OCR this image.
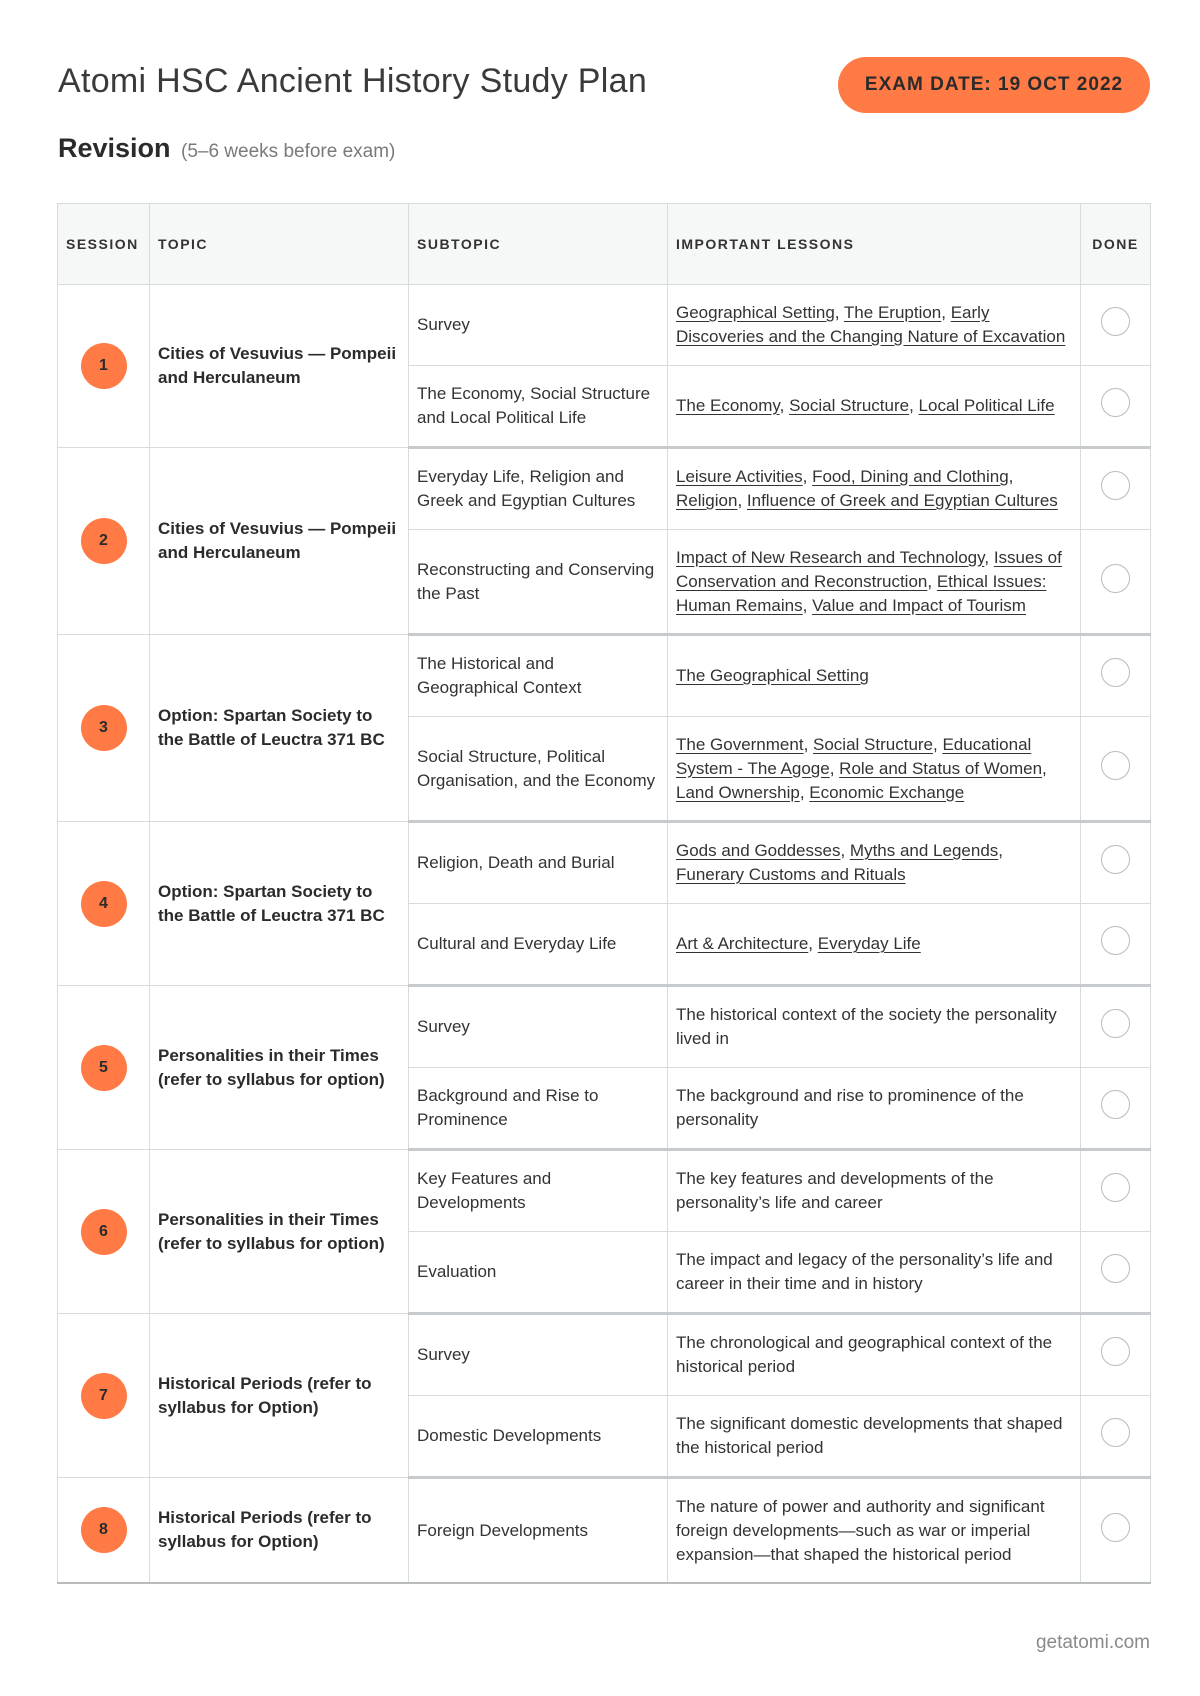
Atomi HSC Ancient History Study Plan	EXAM DATE: 19 OCT 2022
Revision (5–6 weeks before exam)
SESSION	TOPIC	SUBTOPIC	IMPORTANT LESSONS	DONE
1	Cities of Vesuvius — Pompeii and Herculaneum	Survey	Geographical Setting, The Eruption, Early Discoveries and the Changing Nature of Excavation	
		The Economy, Social Structure and Local Political Life	The Economy, Social Structure, Local Political Life	
2	Cities of Vesuvius — Pompeii and Herculaneum	Everyday Life, Religion and Greek and Egyptian Cultures	Leisure Activities, Food, Dining and Clothing, Religion, Influence of Greek and Egyptian Cultures	
		Reconstructing and Conserving the Past	Impact of New Research and Technology, Issues of Conservation and Reconstruction, Ethical Issues: Human Remains, Value and Impact of Tourism	
3	Option: Spartan Society to the Battle of Leuctra 371 BC	The Historical and Geographical Context	The Geographical Setting	
		Social Structure, Political Organisation, and the Economy	The Government, Social Structure, Educational System - The Agoge, Role and Status of Women, Land Ownership, Economic Exchange	
4	Option: Spartan Society to the Battle of Leuctra 371 BC	Religion, Death and Burial	Gods and Goddesses, Myths and Legends, Funerary Customs and Rituals	
		Cultural and Everyday Life	Art & Architecture, Everyday Life	
5	Personalities in their Times (refer to syllabus for option)	Survey	The historical context of the society the personality lived in	
		Background and Rise to Prominence	The background and rise to prominence of the personality	
6	Personalities in their Times (refer to syllabus for option)	Key Features and Developments	The key features and developments of the personality’s life and career	
		Evaluation	The impact and legacy of the personality’s life and career in their time and in history	
7	Historical Periods (refer to syllabus for Option)	Survey	The chronological and geographical context of the historical period	
		Domestic Developments	The significant domestic developments that shaped the historical period	
8	Historical Periods (refer to syllabus for Option)	Foreign Developments	The nature of power and authority and significant foreign developments—such as war or imperial expansion—that shaped the historical period	
getatomi.com
